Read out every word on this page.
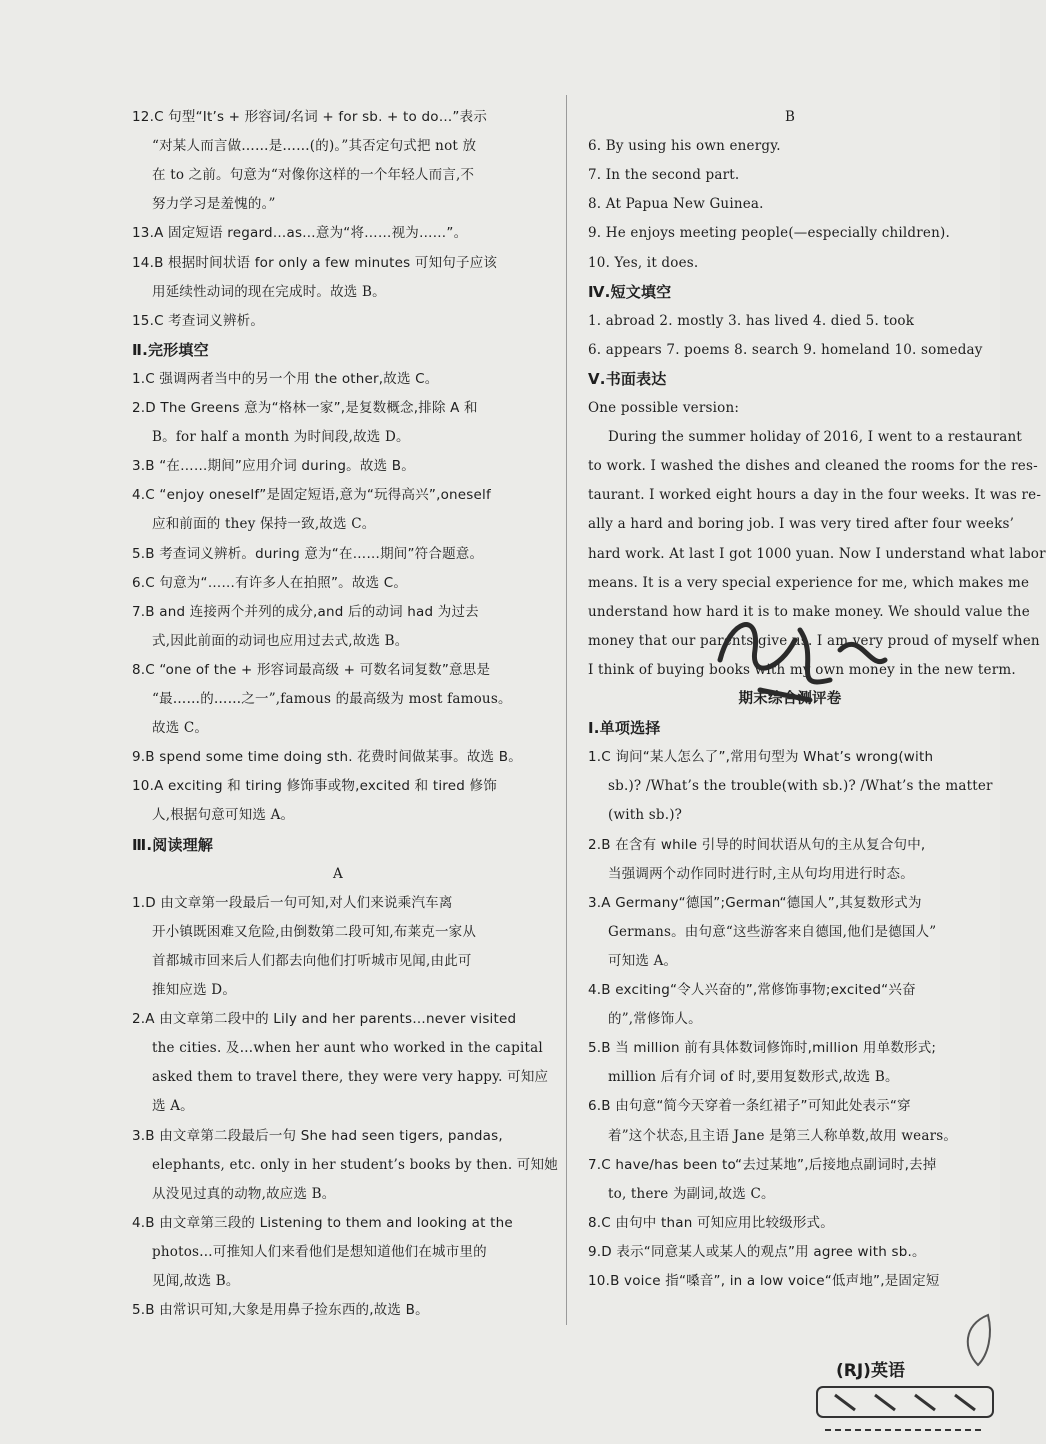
12.C 句型“It’s + 形容词/名词 + for sb. + to do…”表示
“对某人而言做……是……(的)。”其否定句式把 not 放
在 to 之前。句意为“对像你这样的一个年轻人而言,不
努力学习是羞愧的。”
13.A 固定短语 regard…as…意为“将……视为……”。
14.B 根据时间状语 for only a few minutes 可知句子应该
用延续性动词的现在完成时。故选 B。
15.C 考查词义辨析。
Ⅱ.完形填空
1.C 强调两者当中的另一个用 the other,故选 C。
2.D The Greens 意为“格林一家”,是复数概念,排除 A 和
B。for half a month 为时间段,故选 D。
3.B “在……期间”应用介词 during。故选 B。
4.C “enjoy oneself”是固定短语,意为“玩得高兴”,oneself
应和前面的 they 保持一致,故选 C。
5.B 考查词义辨析。during 意为“在……期间”符合题意。
6.C 句意为“……有许多人在拍照”。故选 C。
7.B and 连接两个并列的成分,and 后的动词 had 为过去
式,因此前面的动词也应用过去式,故选 B。
8.C “one of the + 形容词最高级 + 可数名词复数”意思是
“最……的……之一”,famous 的最高级为 most famous。
故选 C。
9.B spend some time doing sth. 花费时间做某事。故选 B。
10.A exciting 和 tiring 修饰事或物,excited 和 tired 修饰
人,根据句意可知选 A。
Ⅲ.阅读理解
A
1.D 由文章第一段最后一句可知,对人们来说乘汽车离
开小镇既困难又危险,由倒数第二段可知,布莱克一家从
首都城市回来后人们都去向他们打听城市见闻,由此可
推知应选 D。
2.A 由文章第二段中的 Lily and her parents…never visited
the cities. 及…when her aunt who worked in the capital
asked them to travel there, they were very happy. 可知应
选 A。
3.B 由文章第二段最后一句 She had seen tigers, pandas,
elephants, etc. only in her student’s books by then. 可知她
从没见过真的动物,故应选 B。
4.B 由文章第三段的 Listening to them and looking at the
photos…可推知人们来看他们是想知道他们在城市里的
见闻,故选 B。
5.B 由常识可知,大象是用鼻子捡东西的,故选 B。
B
6. By using his own energy.
7. In the second part.
8. At Papua New Guinea.
9. He enjoys meeting people(—especially children).
10. Yes, it does.
Ⅳ.短文填空
1. abroad 2. mostly 3. has lived 4. died 5. took
6. appears 7. poems 8. search 9. homeland 10. someday
Ⅴ.书面表达
One possible version:
During the summer holiday of 2016, I went to a restaurant
to work. I washed the dishes and cleaned the rooms for the res-
taurant. I worked eight hours a day in the four weeks. It was re-
ally a hard and boring job. I was very tired after four weeks’
hard work. At last I got 1000 yuan. Now I understand what labor
means. It is a very special experience for me, which makes me
understand how hard it is to make money. We should value the
money that our parents give us. I am very proud of myself when
I think of buying books with my own money in the new term.
期末综合测评卷
Ⅰ.单项选择
1.C 询问“某人怎么了”,常用句型为 What’s wrong(with
sb.)? /What’s the trouble(with sb.)? /What’s the matter
(with sb.)?
2.B 在含有 while 引导的时间状语从句的主从复合句中,
当强调两个动作同时进行时,主从句均用进行时态。
3.A Germany“德国”;German“德国人”,其复数形式为
Germans。由句意“这些游客来自德国,他们是德国人”
可知选 A。
4.B exciting“令人兴奋的”,常修饰事物;excited“兴奋
的”,常修饰人。
5.B 当 million 前有具体数词修饰时,million 用单数形式;
million 后有介词 of 时,要用复数形式,故选 B。
6.B 由句意“简今天穿着一条红裙子”可知此处表示“穿
着”这个状态,且主语 Jane 是第三人称单数,故用 wears。
7.C have/has been to“去过某地”,后接地点副词时,去掉
to, there 为副词,故选 C。
8.C 由句中 than 可知应用比较级形式。
9.D 表示“同意某人或某人的观点”用 agree with sb.。
10.B voice 指“嗓音”, in a low voice“低声地”,是固定短
(RJ)英语
